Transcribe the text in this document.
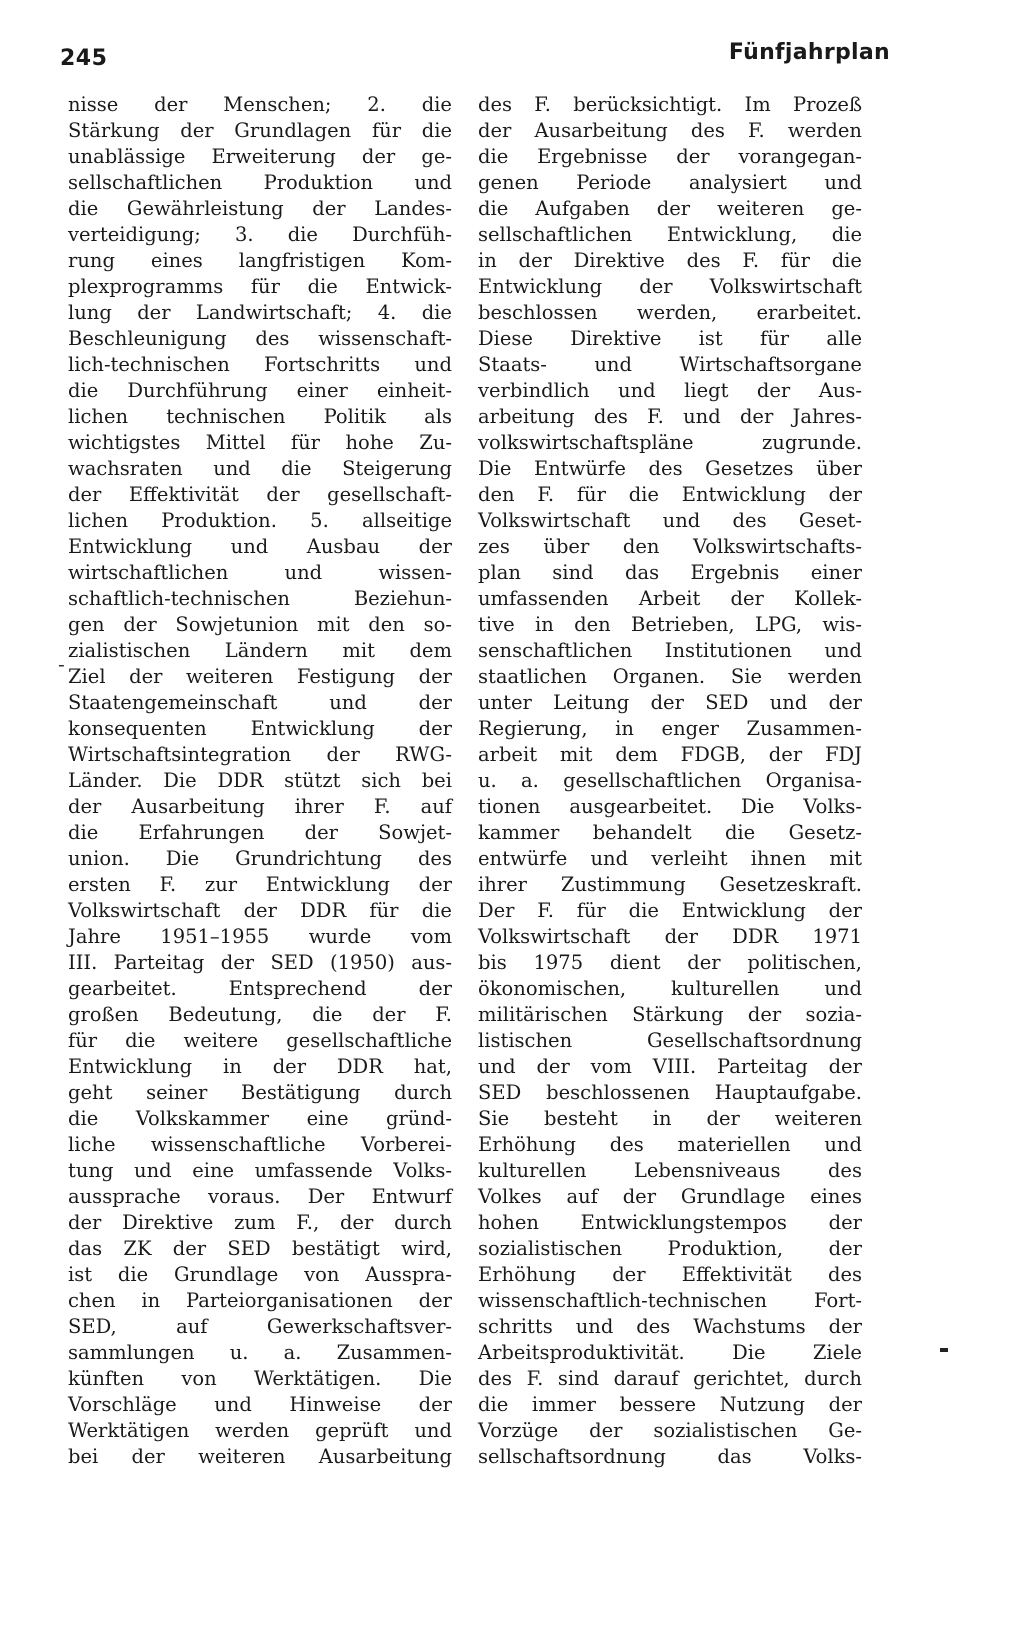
245	Fünfjahrplan
-
nisse der Menschen; 2. die
Stärkung der Grundlagen für die
unablässige Erweiterung der ge-
sellschaftlichen Produktion und
die Gewährleistung der Landes-
verteidigung; 3. die Durchfüh-
rung eines langfristigen Kom-
plexprogramms für die Entwick-
lung der Landwirtschaft; 4. die
Beschleunigung des wissenschaft-
lich-technischen Fortschritts und
die Durchführung einer einheit-
lichen technischen Politik als
wichtigstes Mittel für hohe Zu-
wachsraten und die Steigerung
der Effektivität der gesellschaft-
lichen Produktion. 5. allseitige
Entwicklung und Ausbau der
wirtschaftlichen	und	wissen-
schaftlich-technischen	Beziehun-
gen der Sowjetunion mit den so-
zialistischen Ländern mit dem
Ziel der weiteren Festigung der
Staatengemeinschaft	und	der
konsequenten Entwicklung der
Wirtschaftsintegration der RWG-
Länder. Die DDR stützt sich bei
der Ausarbeitung ihrer F. auf
die Erfahrungen der Sowjet-
union. Die Grundrichtung des
ersten F. zur Entwicklung der
Volkswirtschaft der DDR für die
Jahre 1951–1955 wurde vom
III. Parteitag der SED (1950) aus-
gearbeitet.	Entsprechend	der
großen Bedeutung, die der F.
für die weitere gesellschaftliche
Entwicklung in der DDR hat,
geht seiner Bestätigung durch
die Volkskammer eine gründ-
liche wissenschaftliche Vorberei-
tung und eine umfassende Volks-
aussprache voraus. Der Entwurf
der Direktive zum F., der durch
das ZK der SED bestätigt wird,
ist die Grundlage von Ausspra-
chen in Parteiorganisationen der
SED,	auf	Gewerkschaftsver-
sammlungen u. a. Zusammen-
künften von Werktätigen. Die
Vorschläge und Hinweise der
Werktätigen werden geprüft und
bei der weiteren Ausarbeitung
des F. berücksichtigt. Im Prozeß
der Ausarbeitung des F. werden
die Ergebnisse der vorangegan-
genen Periode analysiert und
die Aufgaben der weiteren ge-
sellschaftlichen Entwicklung, die
in der Direktive des F. für die
Entwicklung der Volkswirtschaft
beschlossen werden, erarbeitet.
Diese Direktive ist für alle
Staats- und Wirtschaftsorgane
verbindlich und liegt der Aus-
arbeitung des F. und der Jahres-
volkswirtschaftspläne	zugrunde.
Die Entwürfe des Gesetzes über
den F. für die Entwicklung der
Volkswirtschaft und des Geset-
zes über den Volkswirtschafts-
plan sind das Ergebnis einer
umfassenden Arbeit der Kollek-
tive in den Betrieben, LPG, wis-
senschaftlichen Institutionen und
staatlichen Organen. Sie werden
unter Leitung der SED und der
Regierung, in enger Zusammen-
arbeit mit dem FDGB, der FDJ
u. a. gesellschaftlichen Organisa-
tionen ausgearbeitet. Die Volks-
kammer behandelt die Gesetz-
entwürfe und verleiht ihnen mit
ihrer Zustimmung Gesetzeskraft.
Der F. für die Entwicklung der
Volkswirtschaft der DDR 1971
bis 1975 dient der politischen,
ökonomischen, kulturellen und
militärischen Stärkung der sozia-
listischen	Gesellschaftsordnung
und der vom VIII. Parteitag der
SED beschlossenen Hauptaufgabe.
Sie besteht in der weiteren
Erhöhung des materiellen und
kulturellen Lebensniveaus des
Volkes auf der Grundlage eines
hohen Entwicklungstempos der
sozialistischen Produktion, der
Erhöhung der Effektivität des
wissenschaftlich-technischen Fort-
schritts und des Wachstums der
Arbeitsproduktivität. Die Ziele
des F. sind darauf gerichtet, durch
die immer bessere Nutzung der
Vorzüge der sozialistischen Ge-
sellschaftsordnung	das	Volks-
